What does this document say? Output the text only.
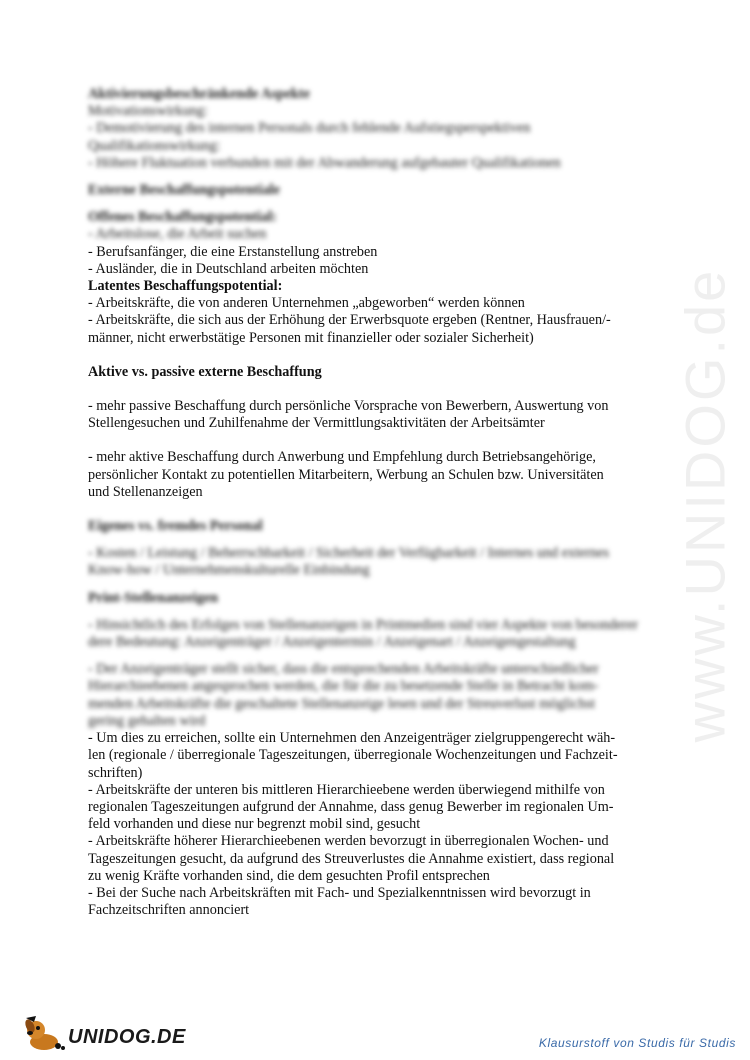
www.UNIDOG.de
Aktivierungsbeschränkende Aspekte
Motivationswirkung:
- Demotivierung des internen Personals durch fehlende Aufstiegsperspektiven
Qualifikationswirkung:
- Höhere Fluktuation verbunden mit der Abwanderung aufgebauter Qualifikationen
Externe Beschaffungspotentiale
Offenes Beschaffungspotential:
- Arbeitslose, die Arbeit suchen
- Berufsanfänger, die eine Erstanstellung anstreben
- Ausländer, die in Deutschland arbeiten möchten
Latentes Beschaffungspotential:
- Arbeitskräfte, die von anderen Unternehmen „abgeworben“ werden können
- Arbeitskräfte, die sich aus der Erhöhung der Erwerbsquote ergeben (Rentner, Hausfrauen/-
männer, nicht erwerbstätige Personen mit finanzieller oder sozialer Sicherheit)
Aktive vs. passive externe Beschaffung
- mehr passive Beschaffung durch persönliche Vorsprache von Bewerbern, Auswertung von
Stellengesuchen und Zuhilfenahme der Vermittlungsaktivitäten der Arbeitsämter
- mehr aktive Beschaffung durch Anwerbung und Empfehlung durch Betriebsangehörige,
persönlicher Kontakt zu potentiellen Mitarbeitern, Werbung an Schulen bzw. Universitäten
und Stellenanzeigen
Eigenes vs. fremdes Personal
- Kosten / Leistung / Beherrschbarkeit / Sicherheit der Verfügbarkeit / Internes und externes
Know-how / Unternehmenskulturelle Einbindung
Print-Stellenanzeigen
- Hinsichtlich des Erfolges von Stellenanzeigen in Printmedien sind vier Aspekte von besonderer
dere Bedeutung: Anzeigenträger / Anzeigentermin / Anzeigenart / Anzeigengestaltung
- Der Anzeigenträger stellt sicher, dass die entsprechenden Arbeitskräfte unterschiedlicher
Hierarchieebenen angesprochen werden, die für die zu besetzende Stelle in Betracht kom-
menden Arbeitskräfte die geschaltete Stellenanzeige lesen und der Streuverlust möglichst
gering gehalten wird
- Um dies zu erreichen, sollte ein Unternehmen den Anzeigenträger zielgruppengerecht wäh-
len (regionale / überregionale Tageszeitungen, überregionale Wochenzeitungen und Fachzeit-
schriften)
- Arbeitskräfte der unteren bis mittleren Hierarchieebene werden überwiegend mithilfe von
regionalen Tageszeitungen aufgrund der Annahme, dass genug Bewerber im regionalen Um-
feld vorhanden und diese nur begrenzt mobil sind, gesucht
- Arbeitskräfte höherer Hierarchieebenen werden bevorzugt in überregionalen Wochen- und
Tageszeitungen gesucht, da aufgrund des Streuverlustes die Annahme existiert, dass regional
zu wenig Kräfte vorhanden sind, die dem gesuchten Profil entsprechen
- Bei der Suche nach Arbeitskräften mit Fach- und Spezialkenntnissen wird bevorzugt in
Fachzeitschriften annonciert
UNIDOG.DE	Klausurstoff von Studis für Studis
